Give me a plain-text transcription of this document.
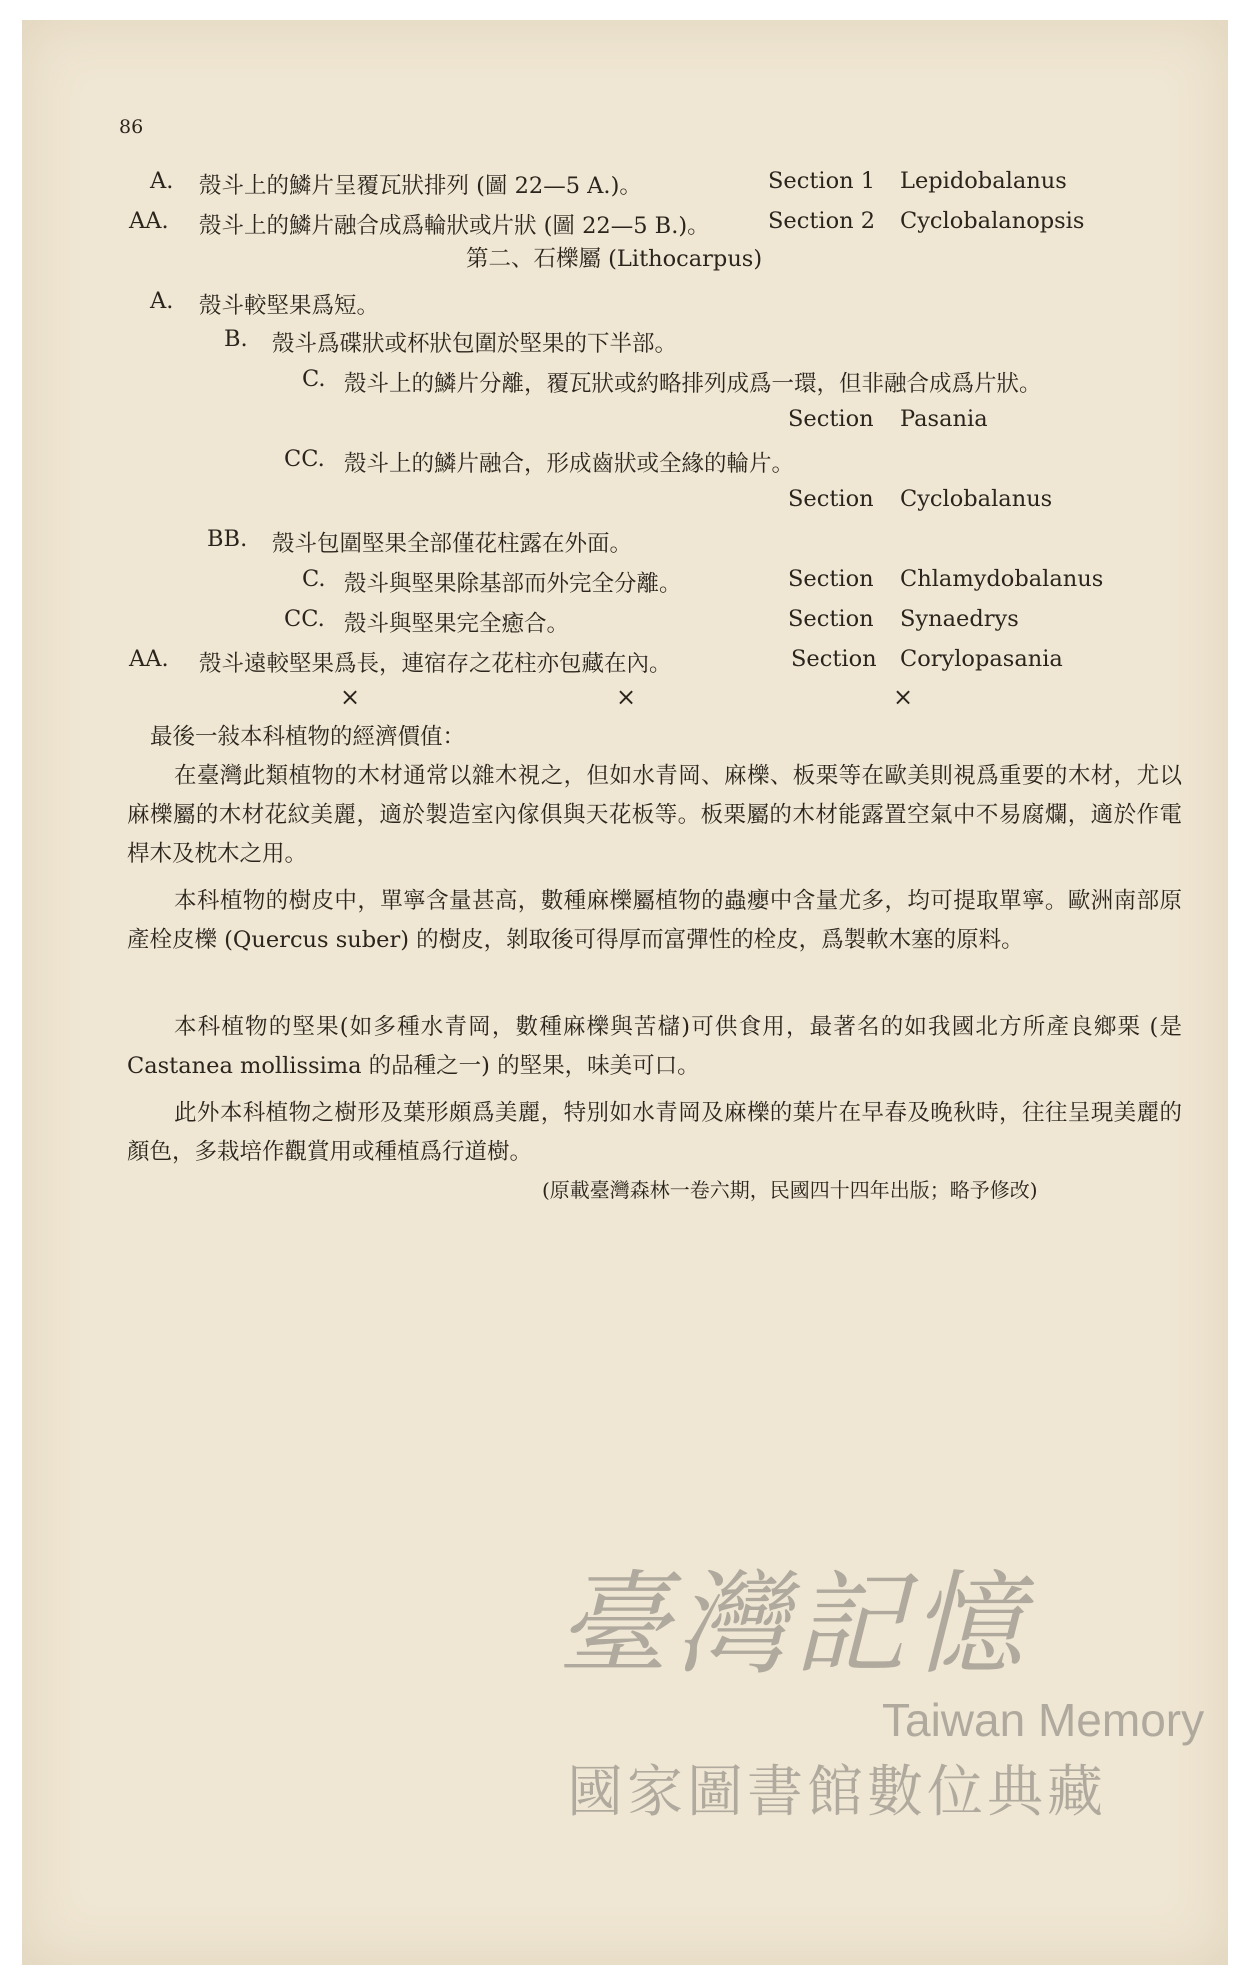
86
A. 殼斗上的鱗片呈覆瓦狀排列 (圖 22—5 A.)。	Section 1 Lepidobalanus
AA. 殼斗上的鱗片融合成爲輪狀或片狀 (圖 22—5 B.)。	Section 2 Cyclobalanopsis
第二、石櫟屬 (Lithocarpus)
A. 殼斗較堅果爲短。
B. 殼斗爲碟狀或杯狀包圍於堅果的下半部。
C. 殼斗上的鱗片分離，覆瓦狀或約略排列成爲一環，但非融合成爲片狀。
Section Pasania
CC. 殼斗上的鱗片融合，形成齒狀或全緣的輪片。
Section Cyclobalanus
BB. 殼斗包圍堅果全部僅花柱露在外面。
C. 殼斗與堅果除基部而外完全分離。	Section Chlamydobalanus
CC. 殼斗與堅果完全癒合。	Section Synaedrys
AA. 殼斗遠較堅果爲長，連宿存之花柱亦包藏在內。	Section Corylopasania
×	×	×
最後一敍本科植物的經濟價值：
在臺灣此類植物的木材通常以雜木視之，但如水青岡、麻櫟、板栗等在歐美則視爲重要的木材，尤以麻櫟屬的木材花紋美麗，適於製造室內傢俱與天花板等。板栗屬的木材能露置空氣中不易腐爛，適於作電桿木及枕木之用。
本科植物的樹皮中，單寧含量甚高，數種麻櫟屬植物的蟲癭中含量尤多，均可提取單寧。歐洲南部原產栓皮櫟 (Quercus suber) 的樹皮，剝取後可得厚而富彈性的栓皮，爲製軟木塞的原料。
本科植物的堅果(如多種水青岡，數種麻櫟與苦櫧)可供食用，最著名的如我國北方所產良鄉栗 (是 Castanea mollissima 的品種之一) 的堅果，味美可口。
此外本科植物之樹形及葉形頗爲美麗，特別如水青岡及麻櫟的葉片在早春及晚秋時，往往呈現美麗的顏色，多栽培作觀賞用或種植爲行道樹。
(原載臺灣森林一卷六期，民國四十四年出版；略予修改)
臺灣記憶
Taiwan Memory
國家圖書館數位典藏
